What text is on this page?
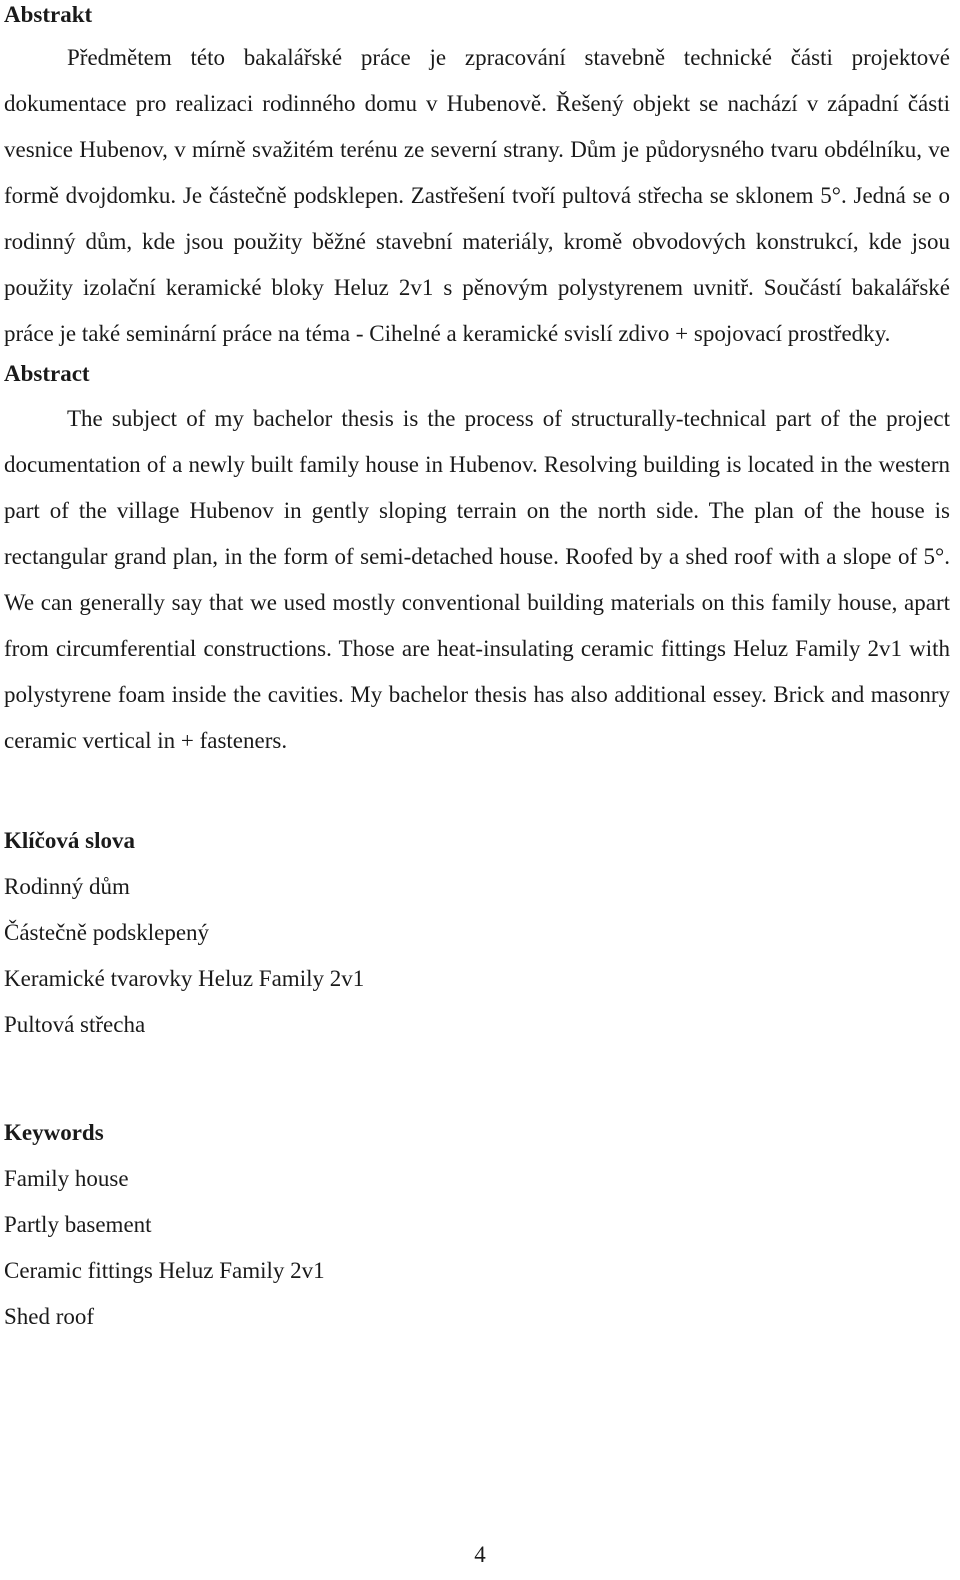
Abstrakt

Předmětem této bakalářské práce je zpracování stavebně technické části projektové dokumentace pro realizaci rodinného domu v Hubenově. Řešený objekt se nachází v západní části vesnice Hubenov, v mírně svažitém terénu ze severní strany. Dům je půdorysného tvaru obdélníku, ve formě dvojdomku. Je částečně podsklepen. Zastřešení tvoří pultová střecha se sklonem 5°. Jedná se o rodinný dům, kde jsou použity běžné stavební materiály, kromě obvodových konstrukcí, kde jsou použity izolační keramické bloky Heluz 2v1 s pěnovým polystyrenem uvnitř. Součástí bakalářské práce je také seminární práce na téma - Cihelné a keramické svislí zdivo + spojovací prostředky.

Abstract

The subject of my bachelor thesis is the process of structurally-technical part of the project documentation of a newly built family house in Hubenov. Resolving building is located in the western part of the village Hubenov in gently sloping terrain on the north side. The plan of the house is rectangular grand plan, in the form of semi-detached house. Roofed by a shed roof with a slope of 5°. We can generally say that we used mostly conventional building materials on this family house, apart from circumferential constructions. Those are heat-insulating ceramic fittings Heluz Family 2v1 with polystyrene foam inside the cavities. My bachelor thesis has also additional essey. Brick and masonry ceramic vertical in + fasteners.

Klíčová slova
Rodinný dům
Částečně podsklepený
Keramické tvarovky Heluz Family 2v1
Pultová střecha
Keywords
Family house
Partly basement
Ceramic fittings Heluz Family 2v1
Shed roof
4
